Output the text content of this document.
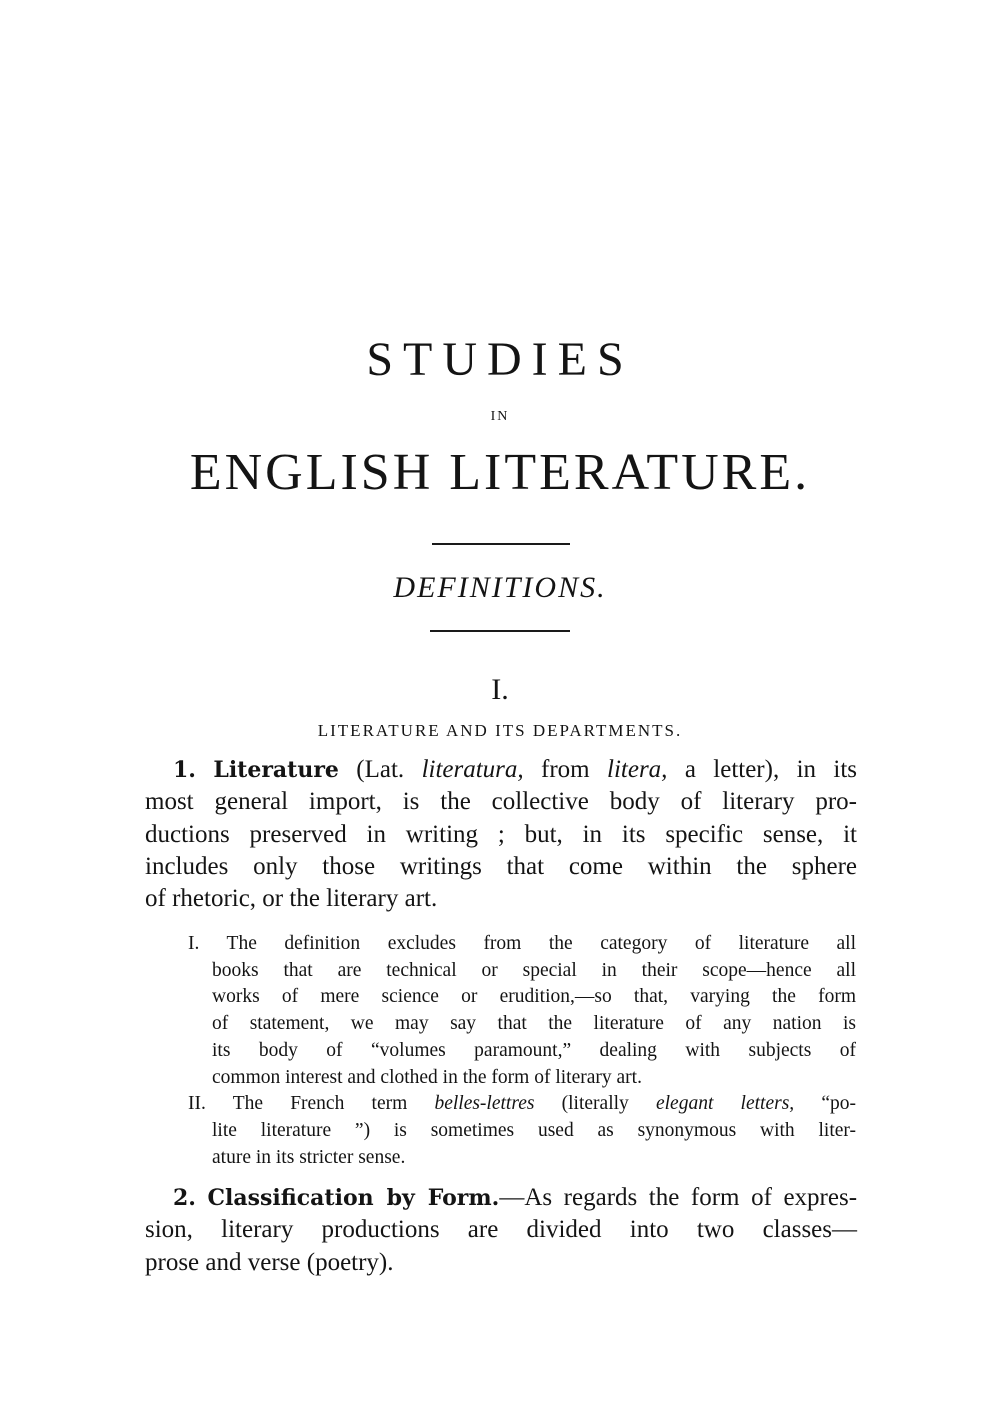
STUDIES
IN
ENGLISH LITERATURE.
DEFINITIONS.
I.
LITERATURE AND ITS DEPARTMENTS.
1. Literature (Lat. literatura, from litera, a letter), in its
most general import, is the collective body of literary pro-
ductions preserved in writing ; but, in its specific sense, it
includes only those writings that come within the sphere
of rhetoric, or the literary art.
I. The definition excludes from the category of literature all
books that are technical or special in their scope—hence all
works of mere science or erudition,—so that, varying the form
of statement, we may say that the literature of any nation is
its body of “volumes paramount,” dealing with subjects of
common interest and clothed in the form of literary art.
II. The French term belles-lettres (literally elegant letters, “po-
lite literature ”) is sometimes used as synonymous with liter-
ature in its stricter sense.
2. Classification by Form.—As regards the form of expres-
sion, literary productions are divided into two classes—
prose and verse (poetry).
